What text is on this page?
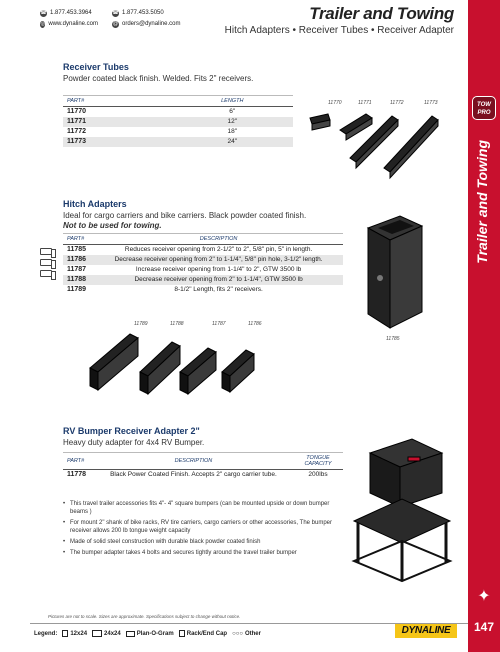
☎ 1.877.453.3964	☎ 1.877.453.5050
◎ www.dynaline.com	@ orders@dynaline.com
Trailer and Towing
Hitch Adapters • Receiver Tubes • Receiver Adapter
TOW
PRO
Trailer and Towing
✦
147
Receiver Tubes
Powder coated black finish. Welded. Fits 2" receivers.
PART#	LENGTH
11770	6"
11771	12"
11772	18"
11773	24"
11770	11771	11772	11773
Hitch Adapters
Ideal for cargo carriers and bike carriers. Black powder coated finish.
Not to be used for towing.
PART#	DESCRIPTION
11785	Reduces receiver opening from 2-1/2" to 2", 5/8" pin, 5" in length.
11786	Decrease receiver opening from 2" to 1-1/4", 5/8" pin hole, 3-1/2" length.
11787	Increase receiver opening from 1-1/4" to 2", GTW 3500 lb
11788	Decrease receiver opening from 2" to 1-1/4", GTW 3500 lb
11789	8-1/2" Length, fits 2" receivers.
11785
11789	11788	11787	11786
RV Bumper Receiver Adapter 2"
Heavy duty adapter for 4x4 RV Bumper.
PART#	DESCRIPTION	TONGUE CAPACITY
11778	Black Power Coated Finish. Accepts 2" cargo carrier tube.	200lbs
• This travel trailer accessories fits 4"- 4" square bumpers (can be mounted upside or down bumper beams )
• For mount 2" shank of bike racks, RV tire carriers, cargo carriers or other accessories, The bumper receiver allows 200 lb tongue weight capacity
• Made of solid steel construction with durable black powder coated finish
• The bumper adapter takes 4 bolts and secures tightly around the travel trailer bumper
Pictures are not to scale. Sizes are approximate. Specifications subject to change without notice.
Legend: 12x24	24x24	Plan-O-Gram Rack/End Cap ○○○ Other	DYNALINE
